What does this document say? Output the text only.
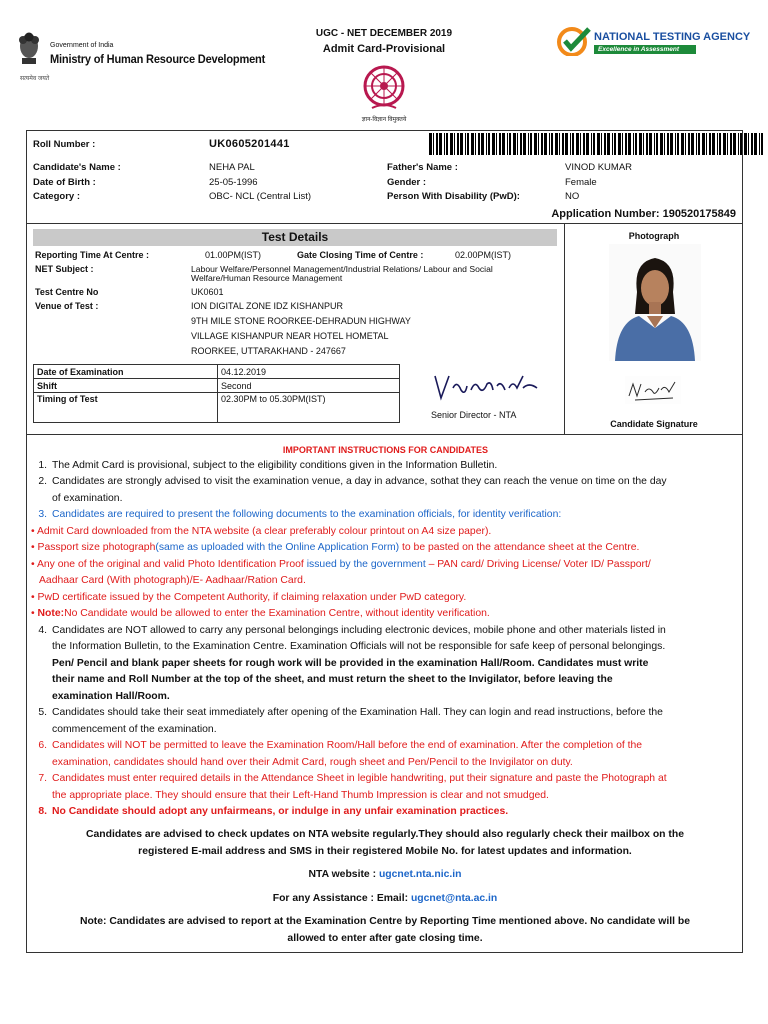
Government of India
Ministry of Human Resource Development
सत्यमेव जयते
UGC - NET DECEMBER 2019
Admit Card-Provisional
ज्ञान-विज्ञान विमुक्तये
NATIONAL TESTING AGENCY
Excellence in Assessment
Roll Number :	UK0605201441
Candidate's Name :	NEHA PAL	Father's Name :	VINOD KUMAR
Date of Birth :	25-05-1996	Gender :	Female
Category :	OBC- NCL (Central List)	Person With Disability (PwD):	NO
Application Number: 190520175849
Test Details
Reporting Time At Centre :	01.00PM(IST)	Gate Closing Time of Centre :	02.00PM(IST)
NET Subject :	Labour Welfare/Personnel Management/Industrial Relations/ Labour and Social
Welfare/Human Resource Management
Test Centre No	UK0601
Venue of Test :	ION DIGITAL ZONE IDZ KISHANPUR
9TH MILE STONE ROORKEE-DEHRADUN HIGHWAY
VILLAGE KISHANPUR NEAR HOTEL HOMETAL
ROORKEE, UTTARAKHAND - 247667
Date of Examination	04.12.2019
Shift	Second
Timing of Test	02.30PM to 05.30PM(IST)
Senior Director - NTA
Photograph
Candidate Signature
IMPORTANT INSTRUCTIONS FOR CANDIDATES
1. The Admit Card is provisional, subject to the eligibility conditions given in the Information Bulletin.
2. Candidates are strongly advised to visit the examination venue, a day in advance, sothat they can reach the venue on time on the day
of examination.
3. Candidates are required to present the following documents to the examination officials, for identity verification:
• Admit Card downloaded from the NTA website (a clear preferably colour printout on A4 size paper).
• Passport size photograph(same as uploaded with the Online Application Form) to be pasted on the attendance sheet at the Centre.
• Any one of the original and valid Photo Identification Proof issued by the government – PAN card/ Driving License/ Voter ID/ Passport/
Aadhaar Card (With photograph)/E- Aadhaar/Ration Card.
• PwD certificate issued by the Competent Authority, if claiming relaxation under PwD category.
• Note:No Candidate would be allowed to enter the Examination Centre, without identity verification.
4. Candidates are NOT allowed to carry any personal belongings including electronic devices, mobile phone and other materials listed in
the Information Bulletin, to the Examination Centre. Examination Officials will not be responsible for safe keep of personal belongings.
Pen/ Pencil and blank paper sheets for rough work will be provided in the examination Hall/Room. Candidates must write
their name and Roll Number at the top of the sheet, and must return the sheet to the Invigilator, before leaving the
examination Hall/Room.
5. Candidates should take their seat immediately after opening of the Examination Hall. They can login and read instructions, before the
commencement of the examination.
6. Candidates will NOT be permitted to leave the Examination Room/Hall before the end of examination. After the completion of the
examination, candidates should hand over their Admit Card, rough sheet and Pen/Pencil to the Invigilator on duty.
7. Candidates must enter required details in the Attendance Sheet in legible handwriting, put their signature and paste the Photograph at
the appropriate place. They should ensure that their Left-Hand Thumb Impression is clear and not smudged.
8. No Candidate should adopt any unfairmeans, or indulge in any unfair examination practices.
Candidates are advised to check updates on NTA website regularly.They should also regularly check their mailbox on the
registered E-mail address and SMS in their registered Mobile No. for latest updates and information.
NTA website : ugcnet.nta.nic.in
For any Assistance : Email: ugcnet@nta.ac.in
Note: Candidates are advised to report at the Examination Centre by Reporting Time mentioned above. No candidate will be
allowed to enter after gate closing time.
